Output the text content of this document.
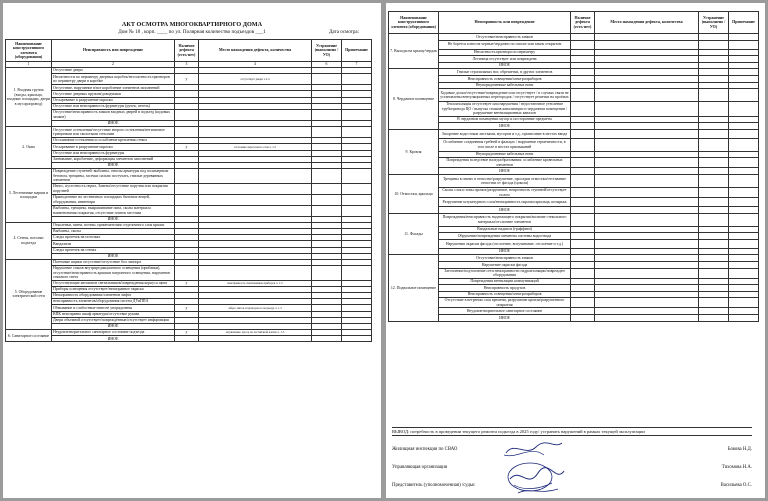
АКТ ОСМОТРА МНОГОКВАРТИРНОГО ДОМА
Дом № 18 , корп. ____ по ул. Полярная количество подъездов ___1	Дата осмотра:
Наименование конструктивного элемента (оборудования)	Неисправность или повреждение	Наличие дефекта (есть-нет)	Место нахождения дефекта, количества	Устранение (выполнено / УО)	Примечание
1	2	3	4	6	7
1. Входная группа (входы, крыльца, входные площадки, двери в мусоропровод)	Отсутствие двери				
	Неплотности по периметру дверных коробок/несплотность притворов по периметру двери в коробке	у	отсутствует двери 1-2 п		
	Отсутствие, нарушение в/все коробление элементов заполнений				
	Отсутствие дверных пружин/доводчиков				
	Отсыревание в разрушение окраски				
	Отсутствие или неисправность фурнитуры (ручек, петель)				
	Отсутствие/неисправность замков входных дверей в подъезд (кодовых замков)				
	ИНОЕ				
2. Окна	Отсутствие остекления/отсутствие второго остекления/нетипичное трещинами или сколотыми стеклами				
	Отслаивание остеклении и ослабление крепления стекол				
	Отсыревание в разрушение окраски	у	отслоение окрасочного слоя л. 1-5		
	Отсутствие или неисправность фурнитуры				
	Загнивание, коробление, деформация элементов заполнений				
	ИНОЕ				
3. Лестничные марши и площадки	Повреждение ступеней: выбоины, отколы арматуры под полимерным бетоном, трещины, засечки сильно постучать, гнилые деревянных элементов				
	Износ, пустотность перил, Замена/отсутствие поручня или покрытия поручней				
	Прямоделение на лестничных площадках бытовых вещей, оборудования, инвентаря				
	Выбоины, трещины, выкрашивание окна, сколы материала наименования покрытия, отсутствие плиток местами				
	ИНОЕ				
4. Стены, потолки подъезда	Отколенки, пятна, потеки, примечательно отделочного слоя краски				
	Выбоины, сколы				
	Следы протечек на потолках				
	Вандализм				
	Следы протечек на стенах				
	ИНОЕ				
5. Оборудование электрической сети	Потемные ящики отсутствие/отсутствие бол ламзора				
	Нарушение стяков внутриредакционного освещения (прибавки), отсутствие/неисправность крышки патронного освещения, нарушение стяжного света				
	Отсутствующие автоматов светильников/повреждения корпуса щита	у	неисправность светильников приборов л. 1-5		
	Приборы освещения отсутствует/неисправное окраска				
	Неисправность оборудования/элементов лифта				
	неисправность элементов/оборудования систем ДУиППА				
	Обмывание и слабостные нити не упорядочены	у	заброс ниток и проводов по подъезду л. 1-5		
	ВПК неисправно шкаф арматуры/отсутствие рукава				
	Двери объемной отсутствует/повреждённые/отсутствует информации				
	ИНОЕ				
6. Санитарное состояние	Неудовлетворительное санитарное состояние подъезда	у	загрязнение, мусор на лестничной клетке л. 1-5		
	ИНОЕ				
Наименование конструктивного элемента (оборудования)	Неисправность или повреждение	Наличие дефекта (есть-нет)	Место нахождения дефекта, количества	Устранение (выполнено / УО)	Примечание
7. Выходы на крышу/чердак	Отсутствие/неисправность замков				
	Не борется ключ на черные/чердачно по списке или замок открытом				
	Неплотность притвора по периметру				
	Лестница отсутствует или повреждена				
	ИНОЕ				
8. Чердачное помещение	Гнилые стропильных ног, обрешетки, в других элементов				
	Неисправность освещения/электроприборов				
	Неупорядоченные кабельных нити				
	Ходовые доски/отсутствие/повреждение или отсутствует / в случаях связи не установлены вентуляционных перегородок / отсутствует решетки на проёмах				
	Теплоизоляция отсутствует или нарушения / недостаточное утепление трубопровода ЦО / выпуска стояков канализации и чердачном помещении / разрушение вентиляционных каналов				
	В чердачном помещении мусор и посторонние предметы				
	ИНОЕ				
9. Кровля	Засорение водостоков листьями, мусором и т.д., провисание в местах ввода				
	Ослабление соединения гребней в фальцах / нарушение герметичности, в том числе в местах примыканий				
	Неупорядоченные кабельных нити				
	Повреждения вследствие наледообразования: ослабление кровельных элементов				
	ИНОЕ				
10. Отмостки, крыльца	Трещины в связях в отмостке/разрушение, просадки отмостки/отставание отмостки от фасада (цоколя)				
	Сколы слоя и зоны прочих/разрушение, непрочность ступеней/отсутствует полом				
	Разрушение штукатурного слоя/неисправность окраски крыльца, козырька				
	ИНОЕ				
11. Фасады	Повреждения/неисправность надлежащего покрытия/наличие стекольного материала/отслоение элементов				
	Вандальные надписи (граффити)				
	Обрушение/повреждения элементы системы водоотвода				
	Нарушения окраски фасада (отслоение, вспучивание, отслоение и т.д.)				
	ИНОЕ				
12. Подвальное помещение	Отсутствие/неисправность замков				
	Нарушение окраски фасада				
	Затопление/подтопление сети неисправности гидроизоляции/поврежден оборудования				
	Повреждения вентиляции коммуникаций				
	Неисправность продухов				
	Неисправность освещения/электроприборов				
	Отсутствие в ветрении слоя времени, разрушение кровли/разрушенного покрытия				
	Неудовлетворительное санитарное состояние				
	ИНОЕ				
ВЫВОД: потребность в проведении текущего ремонта подъезда в 2025 году/ устранить нарушений в рамках текущей эксплуатации
Жилищная инспекция по СВАО	Бокова Н.Д.
Управляющая организация	Тихомова Н.А.
Представитель (уполномоченная) /судьи	Васильева О.С.
